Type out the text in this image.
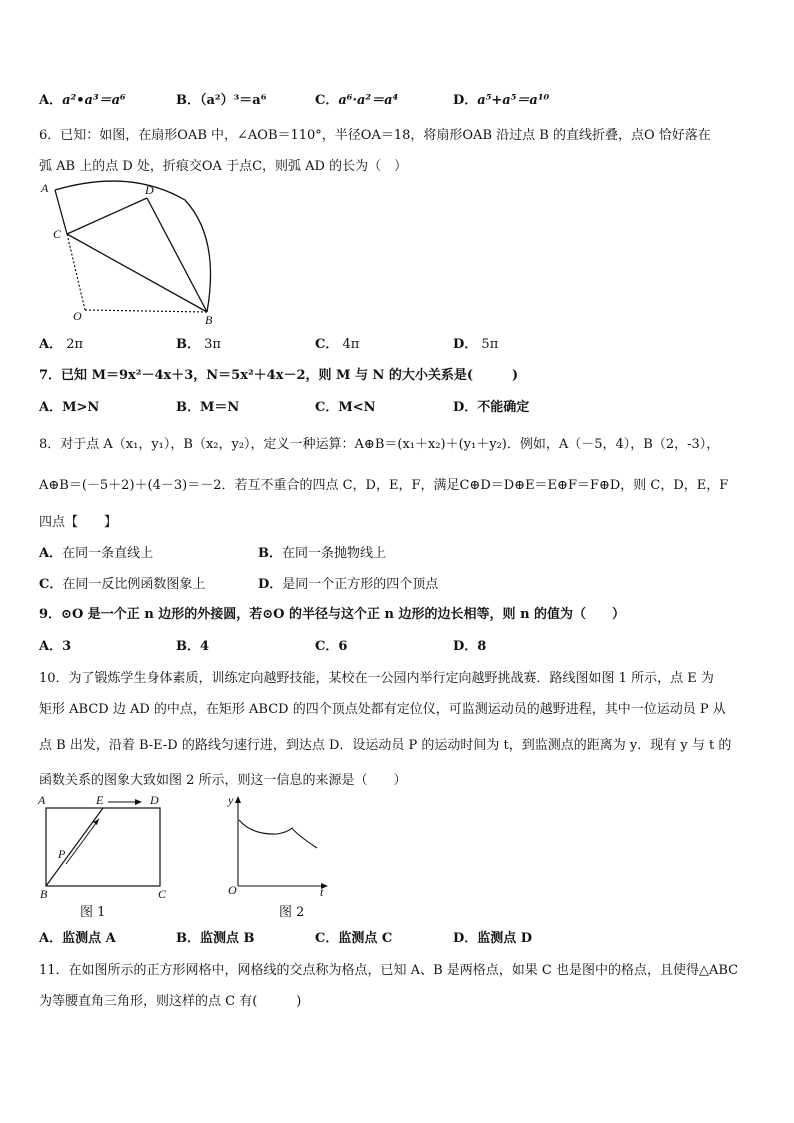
A．a²•a³＝a⁶	B．（a²）³＝a⁶	C．a⁶·a²＝a⁴	D．a⁵+a⁵＝a¹⁰
6．已知：如图，在扇形OAB 中，∠AOB＝110°，半径OA＝18，将扇形OAB 沿过点 B 的直线折叠，点O 恰好落在
弧 AB 上的点 D 处，折痕交OA 于点C，则弧 AD 的长为（　）
A	D
C
O	B
A． 2π	B． 3π	C． 4π	D． 5π
7．已知 M＝9x²－4x＋3，N＝5x²＋4x－2，则 M 与 N 的大小关系是(　　　)
A．M>N	B．M＝N	C．M<N	D．不能确定
8．对于点 A（x₁，y₁），B（x₂，y₂），定义一种运算：A⊕B＝(x₁＋x₂)＋(y₁＋y₂)．例如，A（－5，4），B（2，-3），
A⊕B＝(－5＋2)＋(4－3)＝－2．若互不重合的四点 C，D，E，F，满足C⊕D＝D⊕E＝E⊕F＝F⊕D，则 C，D，E，F
四点【　　】
A．在同一条直线上	B．在同一条抛物线上
C．在同一反比例函数图象上	D．是同一个正方形的四个顶点
9．⊙O 是一个正 n 边形的外接圆，若⊙O 的半径与这个正 n 边形的边长相等，则 n 的值为（　　）
A．3	B．4	C．6	D．8
10．为了锻炼学生身体素质，训练定向越野技能，某校在一公园内举行定向越野挑战赛．路线图如图 1 所示，点 E 为
矩形 ABCD 边 AD 的中点，在矩形 ABCD 的四个顶点处都有定位仪，可监测运动员的越野进程，其中一位运动员 P 从
点 B 出发，沿着 B-E-D 的路线匀速行进，到达点 D．设运动员 P 的运动时间为 t，到监测点的距离为 y．现有 y 与 t 的
函数关系的图象大致如图 2 所示，则这一信息的来源是（　　）
A	E	D
P
B	C
图 1
y
O	t
图 2
A．监测点 A	B．监测点 B	C．监测点 C	D．监测点 D
11．在如图所示的正方形网格中，网格线的交点称为格点，已知 A、B 是两格点，如果 C 也是图中的格点，且使得△ABC
为等腰直角三角形，则这样的点 C 有(　　　)
